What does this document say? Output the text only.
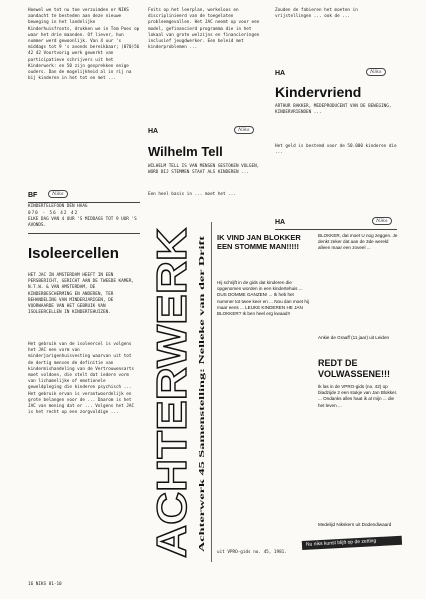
Hoewel we tot nu toe verzuimden er NIKS aandacht te besteden aan deze nieuwe beweging in het landelijke Kinderhuisfronts, drukken we in Tom Poes op waar het drie maanden. Of liever, hun nummer werd gewoonlijk. Van 4 uur 's middags tot 9 's avonds bereikbaar; (070)56 42 42 Voortvorig werk gewerkt van participatieve schrijvers uit het Kinderwerk: en 50 zijn gesprekken enige ouders. Dan de mogelijkheid al in rij na bij kinderen in het tot en met ...
BF	Niks
KINDERTELEFOON DEN HAAG
070 - 56 42 42
ELKE DAG VAN 4 UUR 'S MIDDAGS TOT 9 UUR 'S AVONDS.
Isoleercellen
HET JAC IN AMSTERDAM HEEFT IN EEN PERSBERICHT, GERICHT AAN DE TWEEDE KAMER, N.T.W. & VAN AMSTERDAM, DE KINDERBESCHERMING EN ANDEREN, TER BEHANDELING VAN MINDERJARIGEN, DE VOORWAARDE VAN HET GEBRUIK VAN ISOLEERCELLEN IN KINDERTEHUIZEN.
Het gebruik van de isoleercel is volgens het JAC een vorm van minderjarigenhuisvesting waarvan uit tot de dertig mensen de definitie van kindermishandeling van de Vertrouwensarts moet voldoen, die stelt dat iedere vorm van lichamelijke of emotionele geweldpleging die kinderen psychisch ... Het gebruik ervan is verantwoordelijk en grote belangen voor de ... Daarom is het JAC van mening dat er ... Volgens het JAC is het recht op een zorgvuldige ...
Feits op het leerplan, werkeloos en discriplinieerd van de toegelaten probleemgevallen. Het JAC neemt op voor een model, gefinancierd programma die in het lokaal van grote welzijns en financieringen inclusief jeugdwerker. Een beleid met kinderproblemen ...
HA	Niks
Wilhelm Tell
WILHELM TELL IS VAN MENSEN GESTOKEN VOLGEN, WORD BIJ STEMMEN STAAT ALS KINDEREN ...
Een heel basis in ... moet het ...
ACHTERWERK Achterwerk 45 Samenstelling: Nelleke van der Drift
IK VIND JAN BLOKKER EEN STOMME MAN!!!!!
Hij schrijft in de gids dat kinderen die opgenomen worden in een kindertehuis ... DUS DOMME GANZEN! ... Ik heb het nummer tot twee keer en ... Nou dan moet hij maar eens ... LEUKE KINDEREN HE JAN BLOKKER? Ik ben heel erg kwaad!!
uit VPRO-gids no. 45, 1981.
Zouden de fabieren het moeten in vrijstellingen ... ook de ...
HA	Niks
Kindervriend
ARTHUR BAKKER, MEDEPRODUCENT VAN DE BEWEGING, KINDERVRIENDEN ...
Het geld is bestemd voor de 50.000 kinderen die ...
HA	Niks
BLOKKER, dat moet U nog zeggen. Je denkt zeker dat aan de 3de wereld alleen maar een zoveel ...
Ankie de Graaff (11 jaar) uit Leiden
REDT DE VOLWASSENE!!!
Ik las in de VPRO-gids (no. 42) op bladzijde 2 een stukje van Jan Blokker. ... Ondanks alles haat ik al mijn ... die het leven ...
Medelijd Nikskern uit Dodendiwaard
Nu niks kunst blijft op de zetting
16 NIKS 81-10
